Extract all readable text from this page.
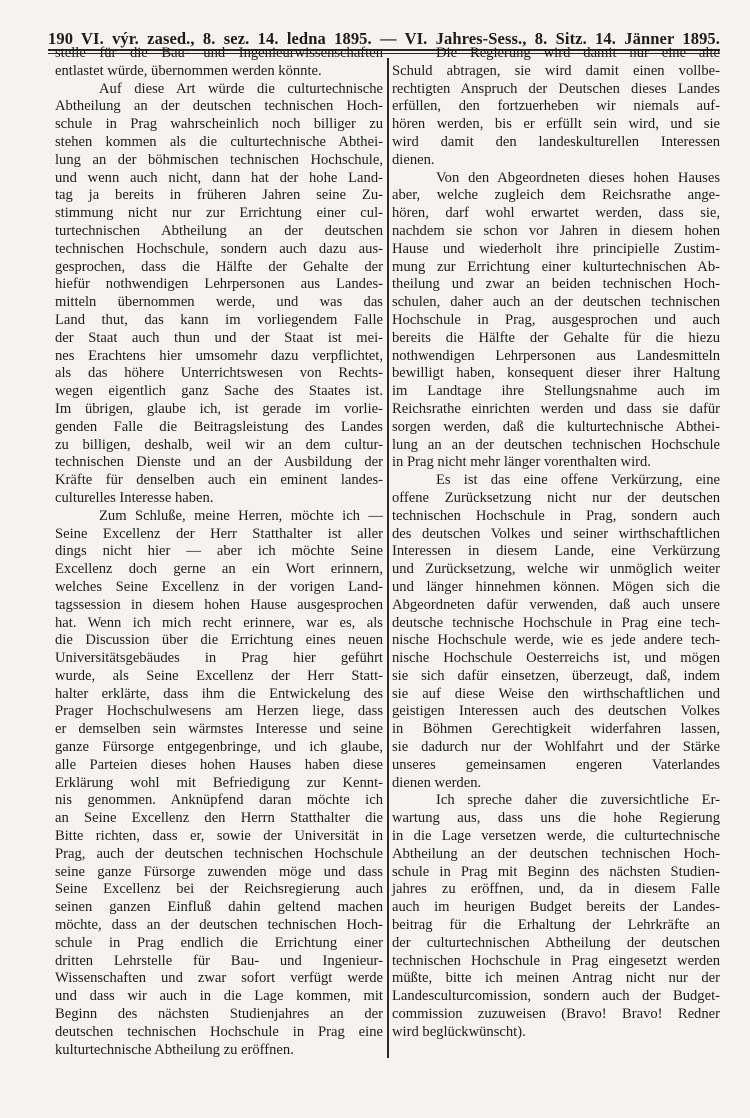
190 VI. výr. zased., 8. sez. 14. ledna 1895. — VI. Jahres-Sess., 8. Sitz. 14. Jänner 1895.
stelle für die Bau- und Ingenieurwissenschaften
entlastet würde, übernommen werden könnte.
Auf diese Art würde die culturtechnische
Abtheilung an der deutschen technischen Hoch-
schule in Prag wahrscheinlich noch billiger zu
stehen kommen als die culturtechnische Abthei-
lung an der böhmischen technischen Hochschule,
und wenn auch nicht, dann hat der hohe Land-
tag ja bereits in früheren Jahren seine Zu-
stimmung nicht nur zur Errichtung einer cul-
turtechnischen Abtheilung an der deutschen
technischen Hochschule, sondern auch dazu aus-
gesprochen, dass die Hälfte der Gehalte der
hiefür nothwendigen Lehrpersonen aus Landes-
mitteln übernommen werde, und was das
Land thut, das kann im vorliegendem Falle
der Staat auch thun und der Staat ist mei-
nes Erachtens hier umsomehr dazu verpflichtet,
als das höhere Unterrichtswesen von Rechts-
wegen eigentlich ganz Sache des Staates ist.
Im übrigen, glaube ich, ist gerade im vorlie-
genden Falle die Beitragsleistung des Landes
zu billigen, deshalb, weil wir an dem cultur-
technischen Dienste und an der Ausbildung der
Kräfte für denselben auch ein eminent landes-
culturelles Interesse haben.
Zum Schluße, meine Herren, möchte ich —
Seine Excellenz der Herr Statthalter ist aller
dings nicht hier — aber ich möchte Seine
Excellenz doch gerne an ein Wort erinnern,
welches Seine Excellenz in der vorigen Land-
tagssession in diesem hohen Hause ausgesprochen
hat. Wenn ich mich recht erinnere, war es, als
die Discussion über die Errichtung eines neuen
Universitätsgebäudes in Prag hier geführt
wurde, als Seine Excellenz der Herr Statt-
halter erklärte, dass ihm die Entwickelung des
Prager Hochschulwesens am Herzen liege, dass
er demselben sein wärmstes Interesse und seine
ganze Fürsorge entgegenbringe, und ich glaube,
alle Parteien dieses hohen Hauses haben diese
Erklärung wohl mit Befriedigung zur Kennt-
nis genommen. Anknüpfend daran möchte ich
an Seine Excellenz den Herrn Statthalter die
Bitte richten, dass er, sowie der Universität in
Prag, auch der deutschen technischen Hochschule
seine ganze Fürsorge zuwenden möge und dass
Seine Excellenz bei der Reichsregierung auch
seinen ganzen Einfluß dahin geltend machen
möchte, dass an der deutschen technischen Hoch-
schule in Prag endlich die Errichtung einer
dritten Lehrstelle für Bau- und Ingenieur-
Wissenschaften und zwar sofort verfügt werde
und dass wir auch in die Lage kommen, mit
Beginn des nächsten Studienjahres an der
deutschen technischen Hochschule in Prag eine
kulturtechnische Abtheilung zu eröffnen.
Die Regierung wird damit nur eine alte
Schuld abtragen, sie wird damit einen vollbe-
rechtigten Anspruch der Deutschen dieses Landes
erfüllen, den fortzuerheben wir niemals auf-
hören werden, bis er erfüllt sein wird, und sie
wird damit den landeskulturellen Interessen
dienen.
Von den Abgeordneten dieses hohen Hauses
aber, welche zugleich dem Reichsrathe ange-
hören, darf wohl erwartet werden, dass sie,
nachdem sie schon vor Jahren in diesem hohen
Hause und wiederholt ihre principielle Zustim-
mung zur Errichtung einer kulturtechnischen Ab-
theilung und zwar an beiden technischen Hoch-
schulen, daher auch an der deutschen technischen
Hochschule in Prag, ausgesprochen und auch
bereits die Hälfte der Gehalte für die hiezu
nothwendigen Lehrpersonen aus Landesmitteln
bewilligt haben, konsequent dieser ihrer Haltung
im Landtage ihre Stellungsnahme auch im
Reichsrathe einrichten werden und dass sie dafür
sorgen werden, daß die kulturtechnische Abthei-
lung an an der deutschen technischen Hochschule
in Prag nicht mehr länger vorenthalten wird.
Es ist das eine offene Verkürzung, eine
offene Zurücksetzung nicht nur der deutschen
technischen Hochschule in Prag, sondern auch
des deutschen Volkes und seiner wirthschaftlichen
Interessen in diesem Lande, eine Verkürzung
und Zurücksetzung, welche wir unmöglich weiter
und länger hinnehmen können. Mögen sich die
Abgeordneten dafür verwenden, daß auch unsere
deutsche technische Hochschule in Prag eine tech-
nische Hochschule werde, wie es jede andere tech-
nische Hochschule Oesterreichs ist, und mögen
sie sich dafür einsetzen, überzeugt, daß, indem
sie auf diese Weise den wirthschaftlichen und
geistigen Interessen auch des deutschen Volkes
in Böhmen Gerechtigkeit widerfahren lassen,
sie dadurch nur der Wohlfahrt und der Stärke
unseres gemeinsamen engeren Vaterlandes
dienen werden.
Ich spreche daher die zuversichtliche Er-
wartung aus, dass uns die hohe Regierung
in die Lage versetzen werde, die culturtechnische
Abtheilung an der deutschen technischen Hoch-
schule in Prag mit Beginn des nächsten Studien-
jahres zu eröffnen, und, da in diesem Falle
auch im heurigen Budget bereits der Landes-
beitrag für die Erhaltung der Lehrkräfte an
der culturtechnischen Abtheilung der deutschen
technischen Hochschule in Prag eingesetzt werden
müßte, bitte ich meinen Antrag nicht nur der
Landesculturcomission, sondern auch der Budget-
commission zuzuweisen (Bravo! Bravo! Redner
wird beglückwünscht).
